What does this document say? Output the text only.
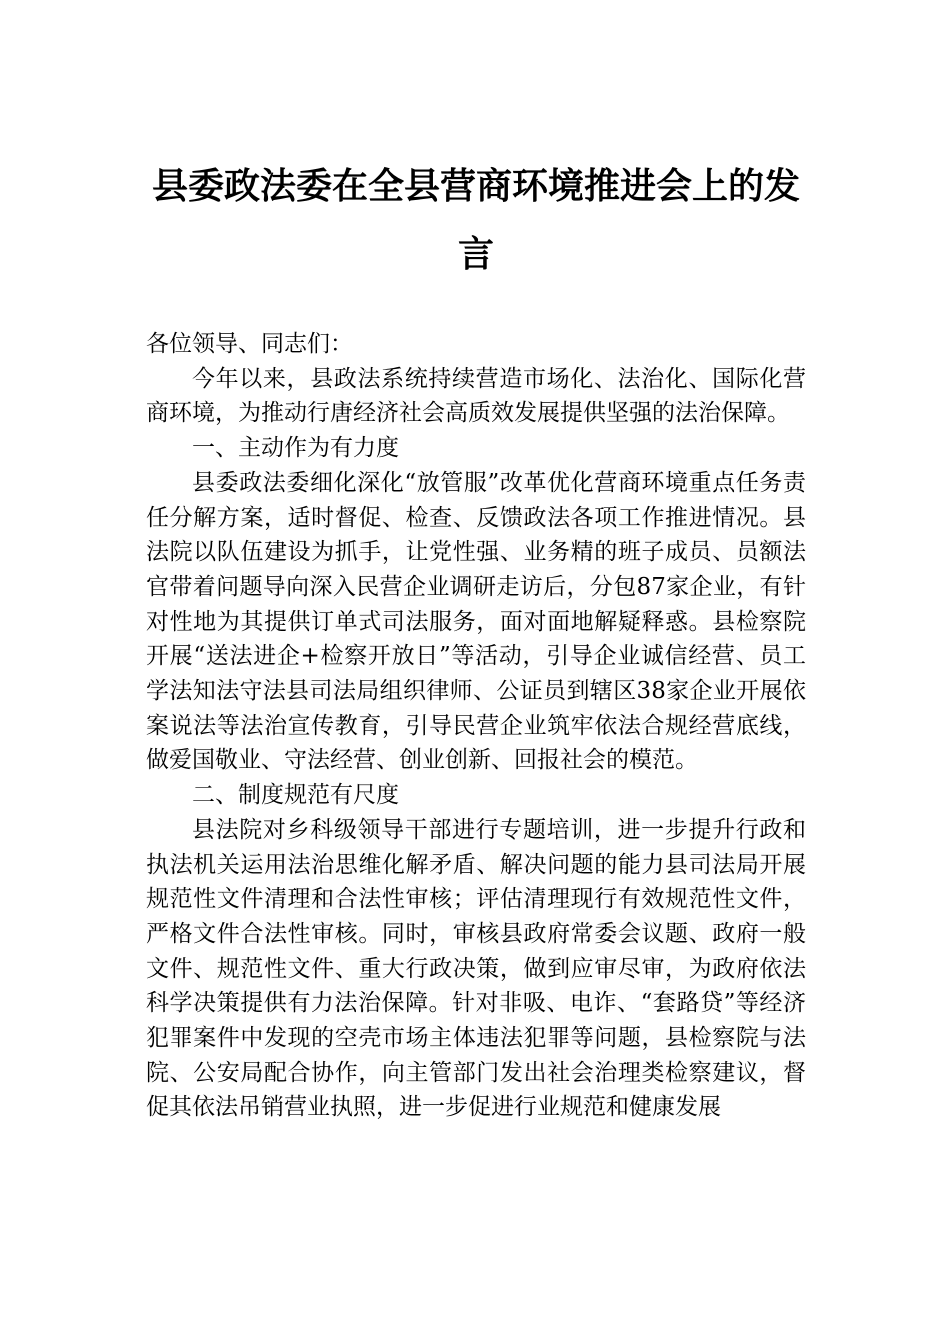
县委政法委在全县营商环境推进会上的发
言

各位领导、同志们：

今年以来，县政法系统持续营造市场化、法治化、国际化营商环境，为推动行唐经济社会高质效发展提供坚强的法治保障。

一、主动作为有力度

县委政法委细化深化“放管服”改革优化营商环境重点任务责任分解方案，适时督促、检查、反馈政法各项工作推进情况。县法院以队伍建设为抓手，让党性强、业务精的班子成员、员额法官带着问题导向深入民营企业调研走访后，分包87家企业，有针对性地为其提供订单式司法服务，面对面地解疑释惑。县检察院开展“送法进企+检察开放日”等活动，引导企业诚信经营、员工学法知法守法县司法局组织律师、公证员到辖区38家企业开展依案说法等法治宣传教育，引导民营企业筑牢依法合规经营底线，做爱国敬业、守法经营、创业创新、回报社会的模范。

二、制度规范有尺度

县法院对乡科级领导干部进行专题培训，进一步提升行政和执法机关运用法治思维化解矛盾、解决问题的能力县司法局开展规范性文件清理和合法性审核；评估清理现行有效规范性文件，严格文件合法性审核。同时，审核县政府常委会议题、政府一般文件、规范性文件、重大行政决策，做到应审尽审，为政府依法科学决策提供有力法治保障。针对非吸、电诈、“套路贷”等经济犯罪案件中发现的空壳市场主体违法犯罪等问题，县检察院与法院、公安局配合协作，向主管部门发出社会治理类检察建议，督促其依法吊销营业执照，进一步促进行业规范和健康发展
